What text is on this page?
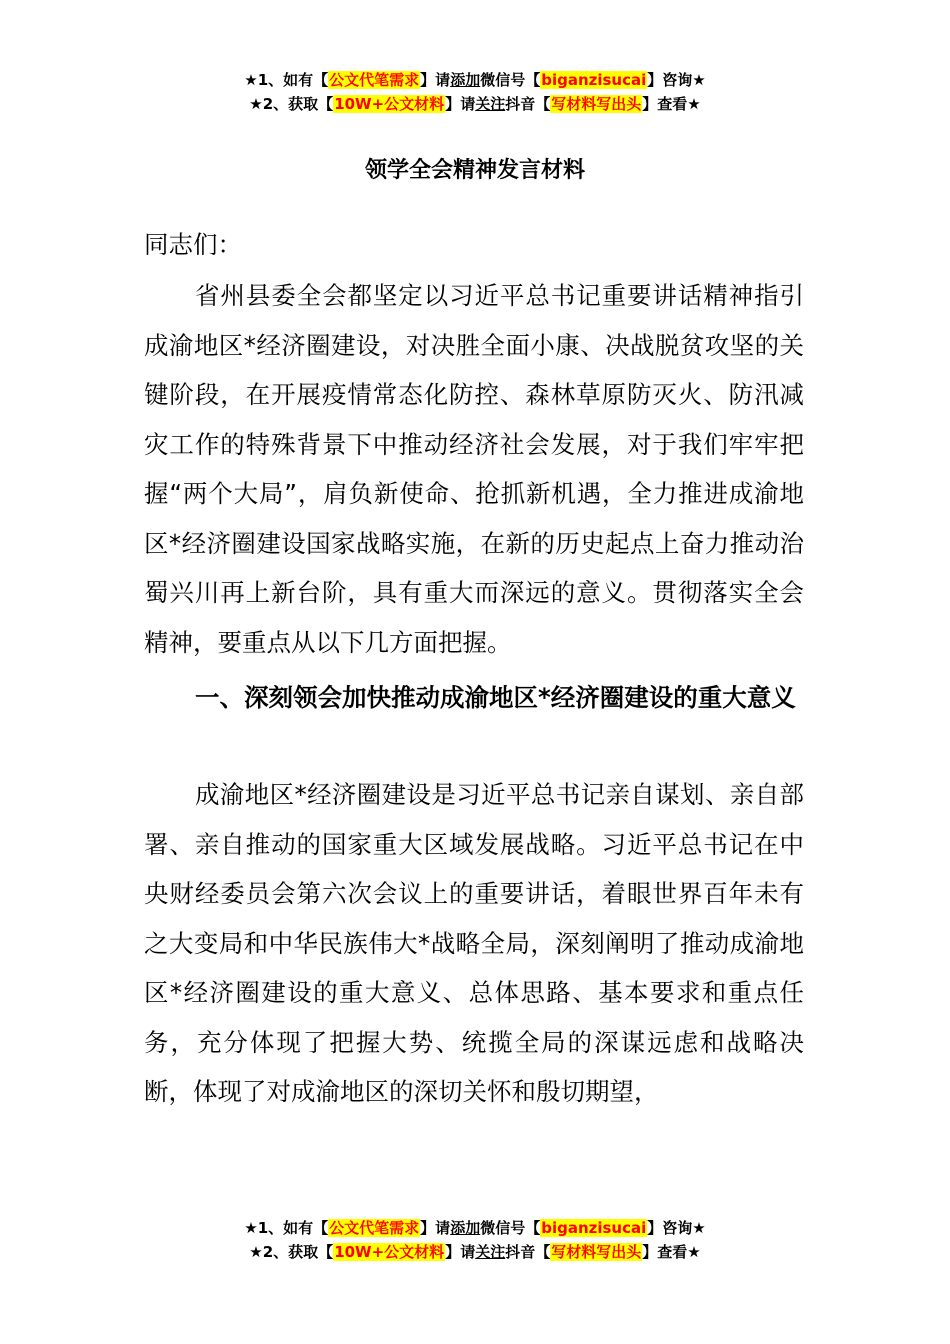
★1、如有【公文代笔需求】请添加微信号【biganzisucai】咨询★
★2、获取【10W+公文材料】请关注抖音【写材料写出头】查看★
领学全会精神发言材料
同志们：
省州县委全会都坚定以习近平总书记重要讲话精神指引成渝地区*经济圈建设，对决胜全面小康、决战脱贫攻坚的关键阶段，在开展疫情常态化防控、森林草原防灭火、防汛减灾工作的特殊背景下中推动经济社会发展，对于我们牢牢把握“两个大局”，肩负新使命、抢抓新机遇，全力推进成渝地区*经济圈建设国家战略实施，在新的历史起点上奋力推动治蜀兴川再上新台阶，具有重大而深远的意义。贯彻落实全会精神，要重点从以下几方面把握。
一、深刻领会加快推动成渝地区*经济圈建设的重大意义
成渝地区*经济圈建设是习近平总书记亲自谋划、亲自部署、亲自推动的国家重大区域发展战略。习近平总书记在中央财经委员会第六次会议上的重要讲话，着眼世界百年未有之大变局和中华民族伟大*战略全局，深刻阐明了推动成渝地区*经济圈建设的重大意义、总体思路、基本要求和重点任务，充分体现了把握大势、统揽全局的深谋远虑和战略决断，体现了对成渝地区的深切关怀和殷切期望，
★1、如有【公文代笔需求】请添加微信号【biganzisucai】咨询★
★2、获取【10W+公文材料】请关注抖音【写材料写出头】查看★
